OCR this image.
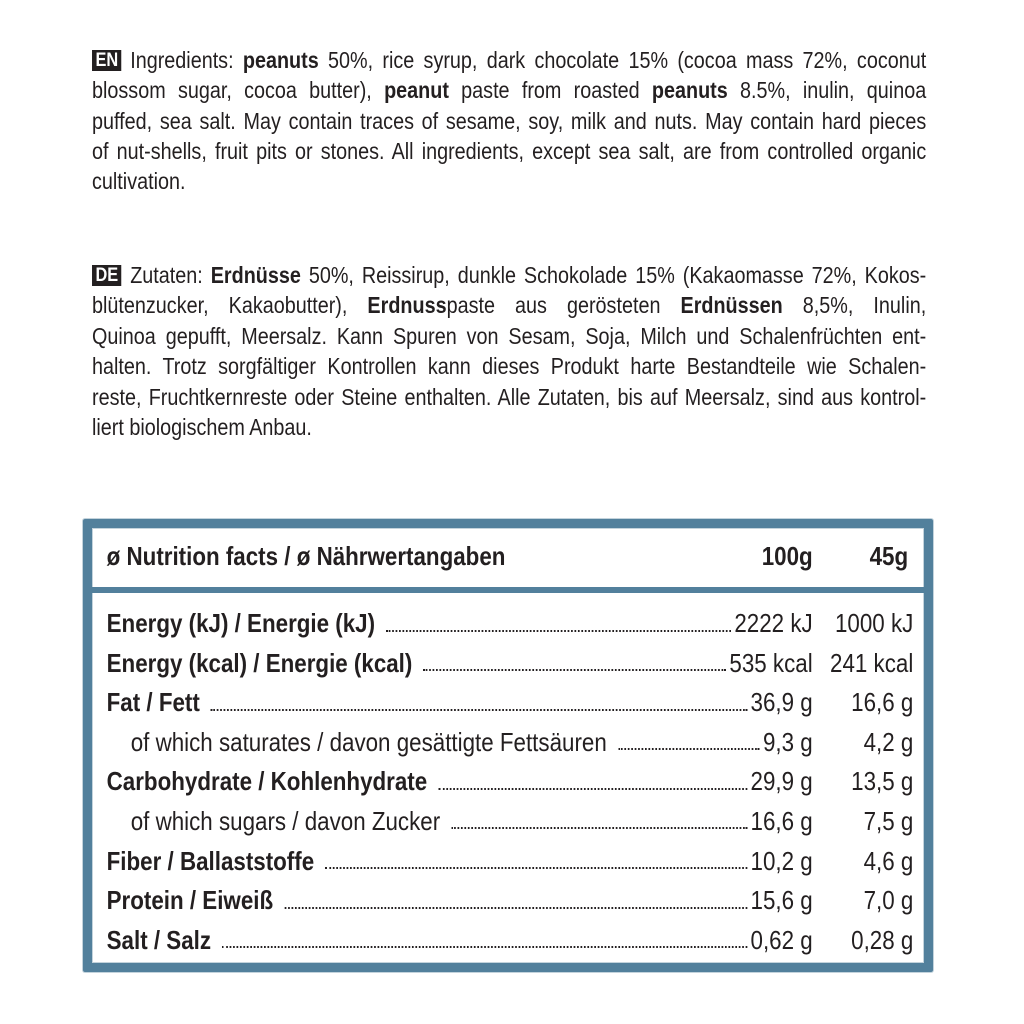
EN Ingredients: peanuts 50%, rice syrup, dark chocolate 15% (cocoa mass 72%, coconut
blossom sugar, cocoa butter), peanut paste from roasted peanuts 8.5%, inulin, quinoa
puffed, sea salt. May contain traces of sesame, soy, milk and nuts. May contain hard pieces
of nut-shells, fruit pits or stones. All ingredients, except sea salt, are from controlled organic
cultivation.
DE Zutaten: Erdnüsse 50%, Reissirup, dunkle Schokolade 15% (Kakaomasse 72%, Kokos-
blütenzucker, Kakaobutter), Erdnusspaste aus gerösteten Erdnüssen 8,5%, Inulin,
Quinoa gepufft, Meersalz. Kann Spuren von Sesam, Soja, Milch und Schalenfrüchten ent-
halten. Trotz sorgfältiger Kontrollen kann dieses Produkt harte Bestandteile wie Schalen-
reste, Fruchtkernreste oder Steine enthalten. Alle Zutaten, bis auf Meersalz, sind aus kontrol-
liert biologischem Anbau.
ø Nutrition facts / ø Nährwertangaben	100g	45g
Energy (kJ) / Energie (kJ)	2222 kJ 1000 kJ
Energy (kcal) / Energie (kcal)	535 kcal 241 kcal
Fat / Fett	36,9 g	16,6 g
of which saturates / davon gesättigte Fettsäuren	9,3 g	4,2 g
Carbohydrate / Kohlenhydrate	29,9 g	13,5 g
of which sugars / davon Zucker	16,6 g	7,5 g
Fiber / Ballaststoffe	10,2 g	4,6 g
Protein / Eiweiß	15,6 g	7,0 g
Salt / Salz	0,62 g	0,28 g
